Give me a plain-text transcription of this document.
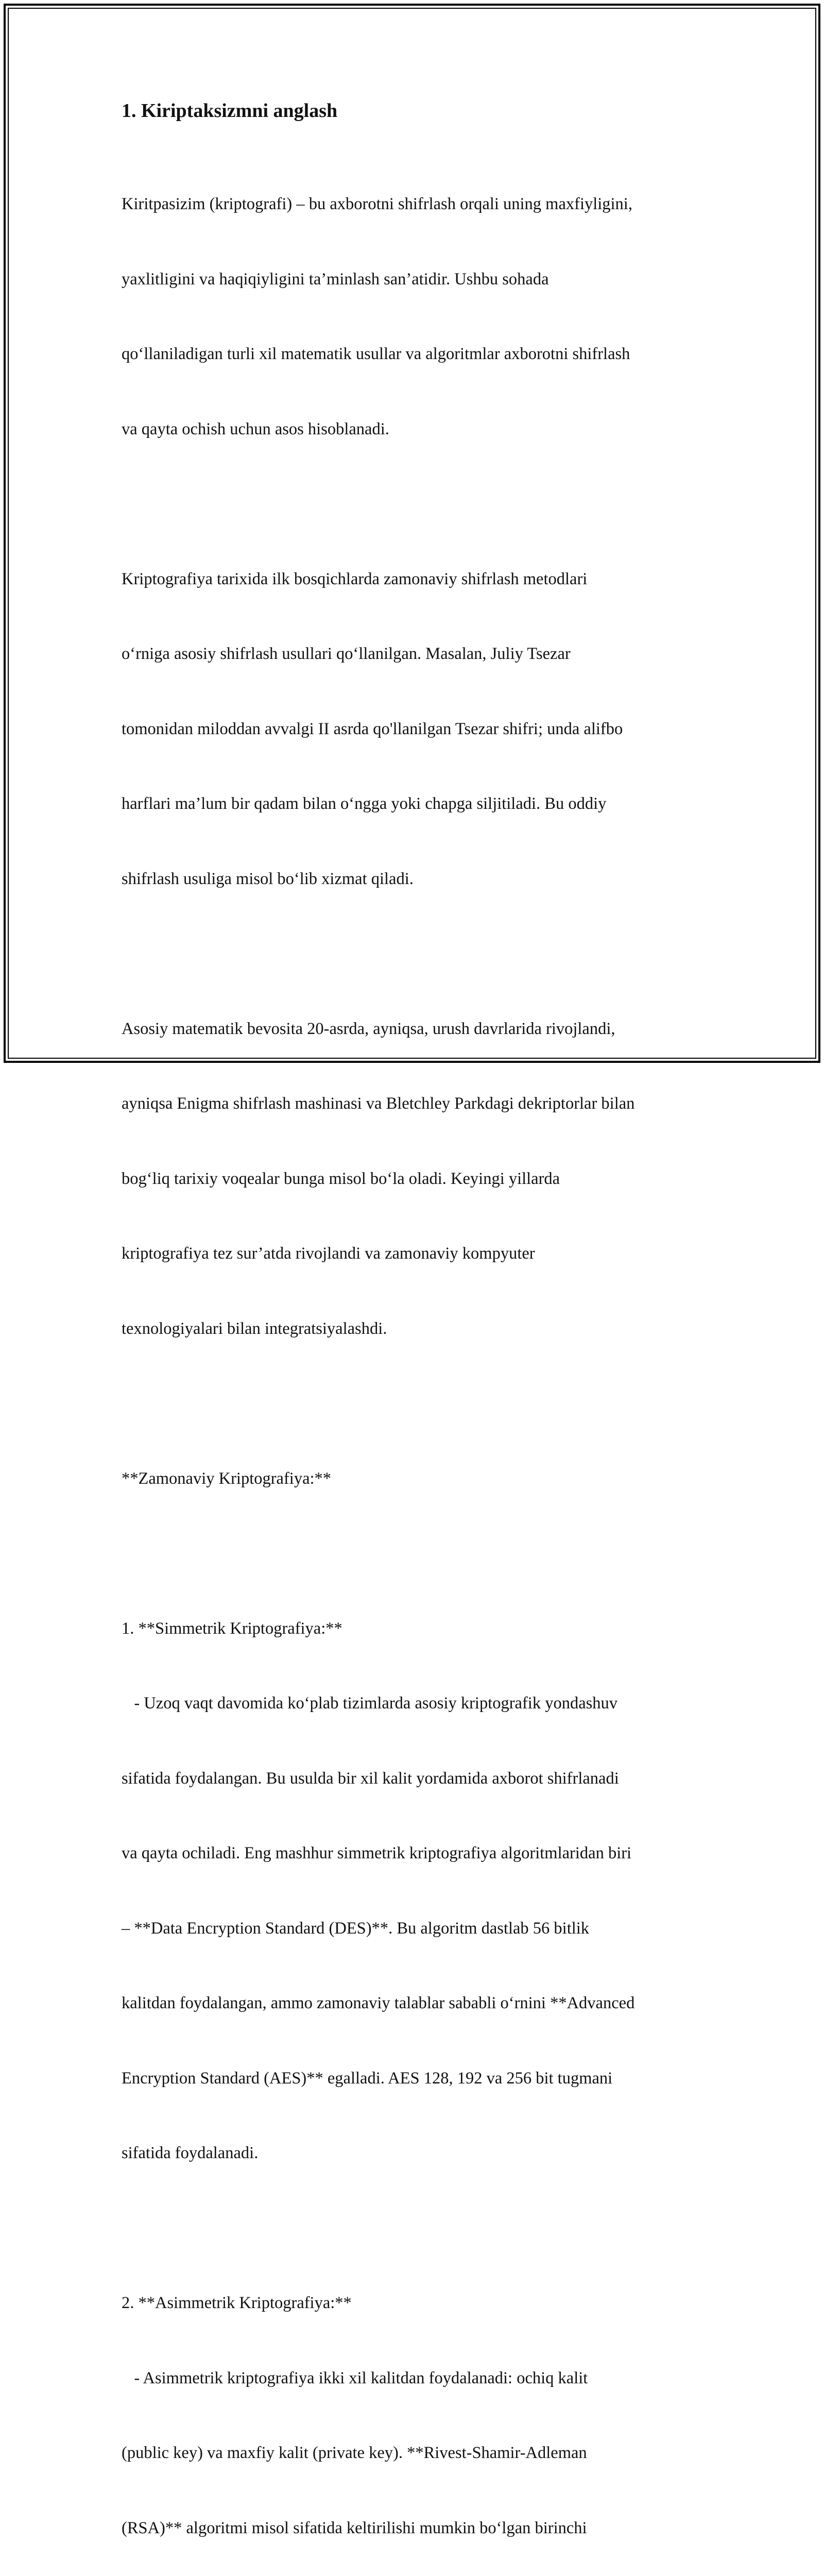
1. Kiriptaksizmni anglash

Kiritpasizim (kriptografi) – bu axborotni shifrlash orqali uning maxfiyligini,

yaxlitligini va haqiqiyligini ta’minlash san’atidir. Ushbu sohada

qo‘llaniladigan turli xil matematik usullar va algoritmlar axborotni shifrlash

va qayta ochish uchun asos hisoblanadi.

Kriptografiya tarixida ilk bosqichlarda zamonaviy shifrlash metodlari

o‘rniga asosiy shifrlash usullari qo‘llanilgan. Masalan, Juliy Tsezar

tomonidan miloddan avvalgi II asrda qo'llanilgan Tsezar shifri; unda alifbo

harflari ma’lum bir qadam bilan o‘ngga yoki chapga siljitiladi. Bu oddiy

shifrlash usuliga misol bo‘lib xizmat qiladi.

Asosiy matematik bevosita 20-asrda, ayniqsa, urush davrlarida rivojlandi,

ayniqsa Enigma shifrlash mashinasi va Bletchley Parkdagi dekriptorlar bilan

bog‘liq tarixiy voqealar bunga misol bo‘la oladi. Keyingi yillarda

kriptografiya tez sur’atda rivojlandi va zamonaviy kompyuter

texnologiyalari bilan integratsiyalashdi.

**Zamonaviy Kriptografiya:**

1. **Simmetrik Kriptografiya:**

- Uzoq vaqt davomida ko‘plab tizimlarda asosiy kriptografik yondashuv

sifatida foydalangan. Bu usulda bir xil kalit yordamida axborot shifrlanadi

va qayta ochiladi. Eng mashhur simmetrik kriptografiya algoritmlaridan biri

– **Data Encryption Standard (DES)**. Bu algoritm dastlab 56 bitlik

kalitdan foydalangan, ammo zamonaviy talablar sababli o‘rnini **Advanced

Encryption Standard (AES)** egalladi. AES 128, 192 va 256 bit tugmani

sifatida foydalanadi.

2. **Asimmetrik Kriptografiya:**

- Asimmetrik kriptografiya ikki xil kalitdan foydalanadi: ochiq kalit

(public key) va maxfiy kalit (private key). **Rivest-Shamir-Adleman

(RSA)** algoritmi misol sifatida keltirilishi mumkin bo‘lgan birinchi
